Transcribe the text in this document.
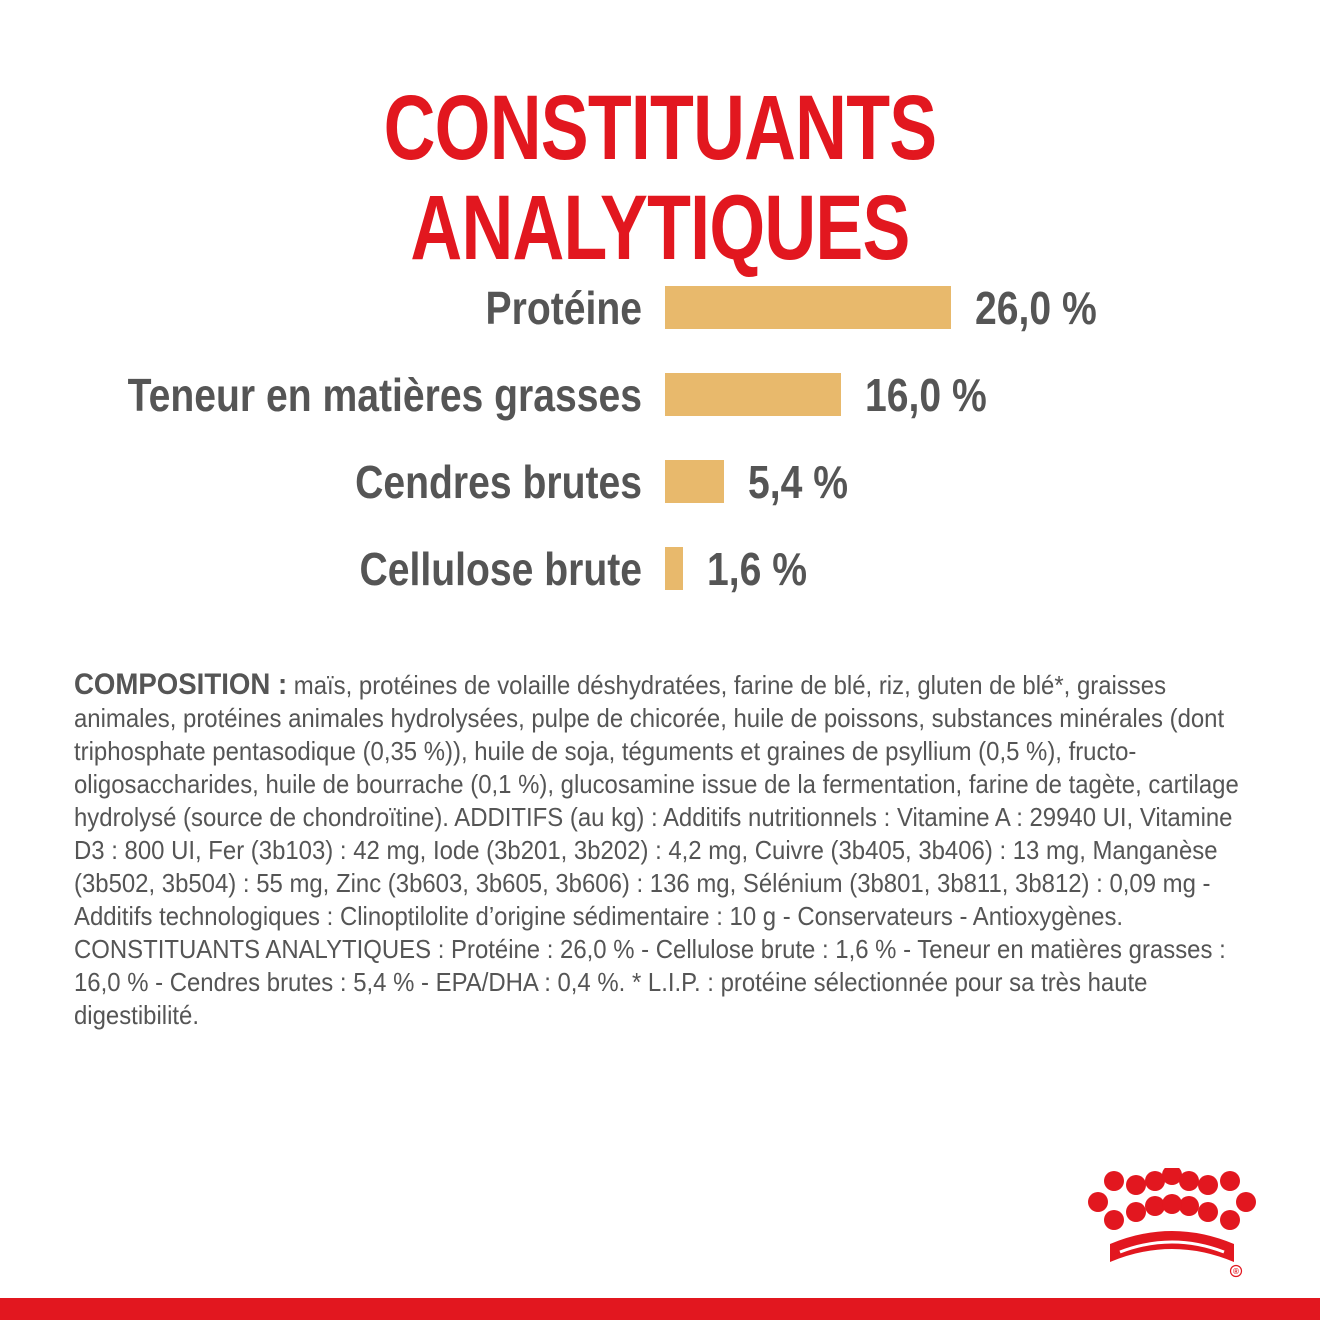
CONSTITUANTS ANALYTIQUES

Protéine	26,0 %

Teneur en matières grasses	16,0 %

Cendres brutes 5,4 %

Cellulose brute 1,6 %

COMPOSITION : maïs, protéines de volaille déshydratées, farine de blé, riz, gluten de blé*, graisses animales, protéines animales hydrolysées, pulpe de chicorée, huile de poissons, substances minérales (dont triphosphate pentasodique (0,35 %)), huile de soja, téguments et graines de psyllium (0,5 %), fructo-oligosaccharides, huile de bourrache (0,1 %), glucosamine issue de la fermentation, farine de tagète, cartilage hydrolysé (source de chondroïtine). ADDITIFS (au kg) : Additifs nutritionnels : Vitamine A : 29940 UI, Vitamine D3 : 800 UI, Fer (3b103) : 42 mg, Iode (3b201, 3b202) : 4,2 mg, Cuivre (3b405, 3b406) : 13 mg, Manganèse (3b502, 3b504) : 55 mg, Zinc (3b603, 3b605, 3b606) : 136 mg, Sélénium (3b801, 3b811, 3b812) : 0,09 mg - Additifs technologiques : Clinoptilolite d’origine sédimentaire : 10 g - Conservateurs - Antioxygènes. CONSTITUANTS ANALYTIQUES : Protéine : 26,0 % - Cellulose brute : 1,6 % - Teneur en matières grasses : 16,0 % - Cendres brutes : 5,4 % - EPA/DHA : 0,4 %. * L.I.P. : protéine sélectionnée pour sa très haute digestibilité.

®
